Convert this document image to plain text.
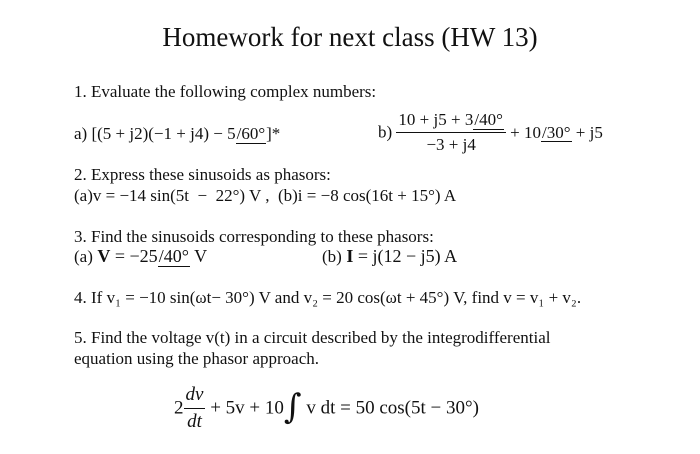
Homework for next class (HW 13)
1. Evaluate the following complex numbers:
a) [(5 + j2)(−1 + j4) − 5/ 60°]*	$b) \frac{10 + j5 + 3/ 40^\circ}{-3 + j4} + 10/$ 30° + j5
2. Express these sinusoids as phasors:
(a)v = −14 sin(5t  −  22°) V ,  (b)i = −8 cos(16t + 15°) A
3. Find the sinusoids corresponding to these phasors:
(a) V = −25/ 40° V	(b) I = j(12 − j5) A
4. If v₁ = −10 sin(ωt− 30°) V and v₂ = 20 cos(ωt + 45°) V, find v = v₁ + v₂.
5. Find the voltage v(t) in a circuit described by the integrodifferential
equation using the phasor approach.
$2 \frac{dv}{dt} + 5v + 10\int$ v dt = 50 cos(5t − 30°)
